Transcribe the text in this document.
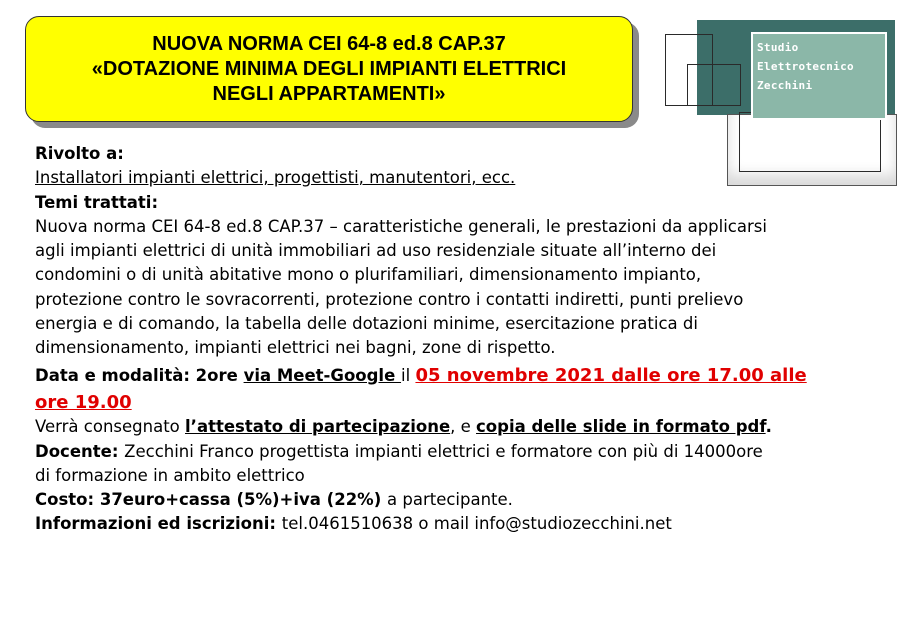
NUOVA NORMA CEI 64-8 ed.8 CAP.37
«DOTAZIONE MINIMA DEGLI IMPIANTI ELETTRICI
NEGLI APPARTAMENTI»
Studio
Elettrotecnico
Zecchini
Rivolto a:
Installatori impianti elettrici, progettisti, manutentori, ecc.
Temi trattati:
Nuova norma CEI 64-8 ed.8 CAP.37 – caratteristiche generali, le prestazioni da applicarsi
agli impianti elettrici di unità immobiliari ad uso residenziale situate all’interno dei
condomini o di unità abitative mono o plurifamiliari, dimensionamento impianto,
protezione contro le sovracorrenti, protezione contro i contatti indiretti, punti prelievo
energia e di comando, la tabella delle dotazioni minime, esercitazione pratica di
dimensionamento, impianti elettrici nei bagni, zone di rispetto.
Data e modalità: 2ore via Meet-Google il 05 novembre 2021 dalle ore 17.00 alle
ore 19.00
Verrà consegnato l’attestato di partecipazione, e copia delle slide in formato pdf.
Docente: Zecchini Franco progettista impianti elettrici e formatore con più di 14000ore
di formazione in ambito elettrico
Costo: 37euro+cassa (5%)+iva (22%) a partecipante.
Informazioni ed iscrizioni: tel.0461510638 o mail info@studiozecchini.net
